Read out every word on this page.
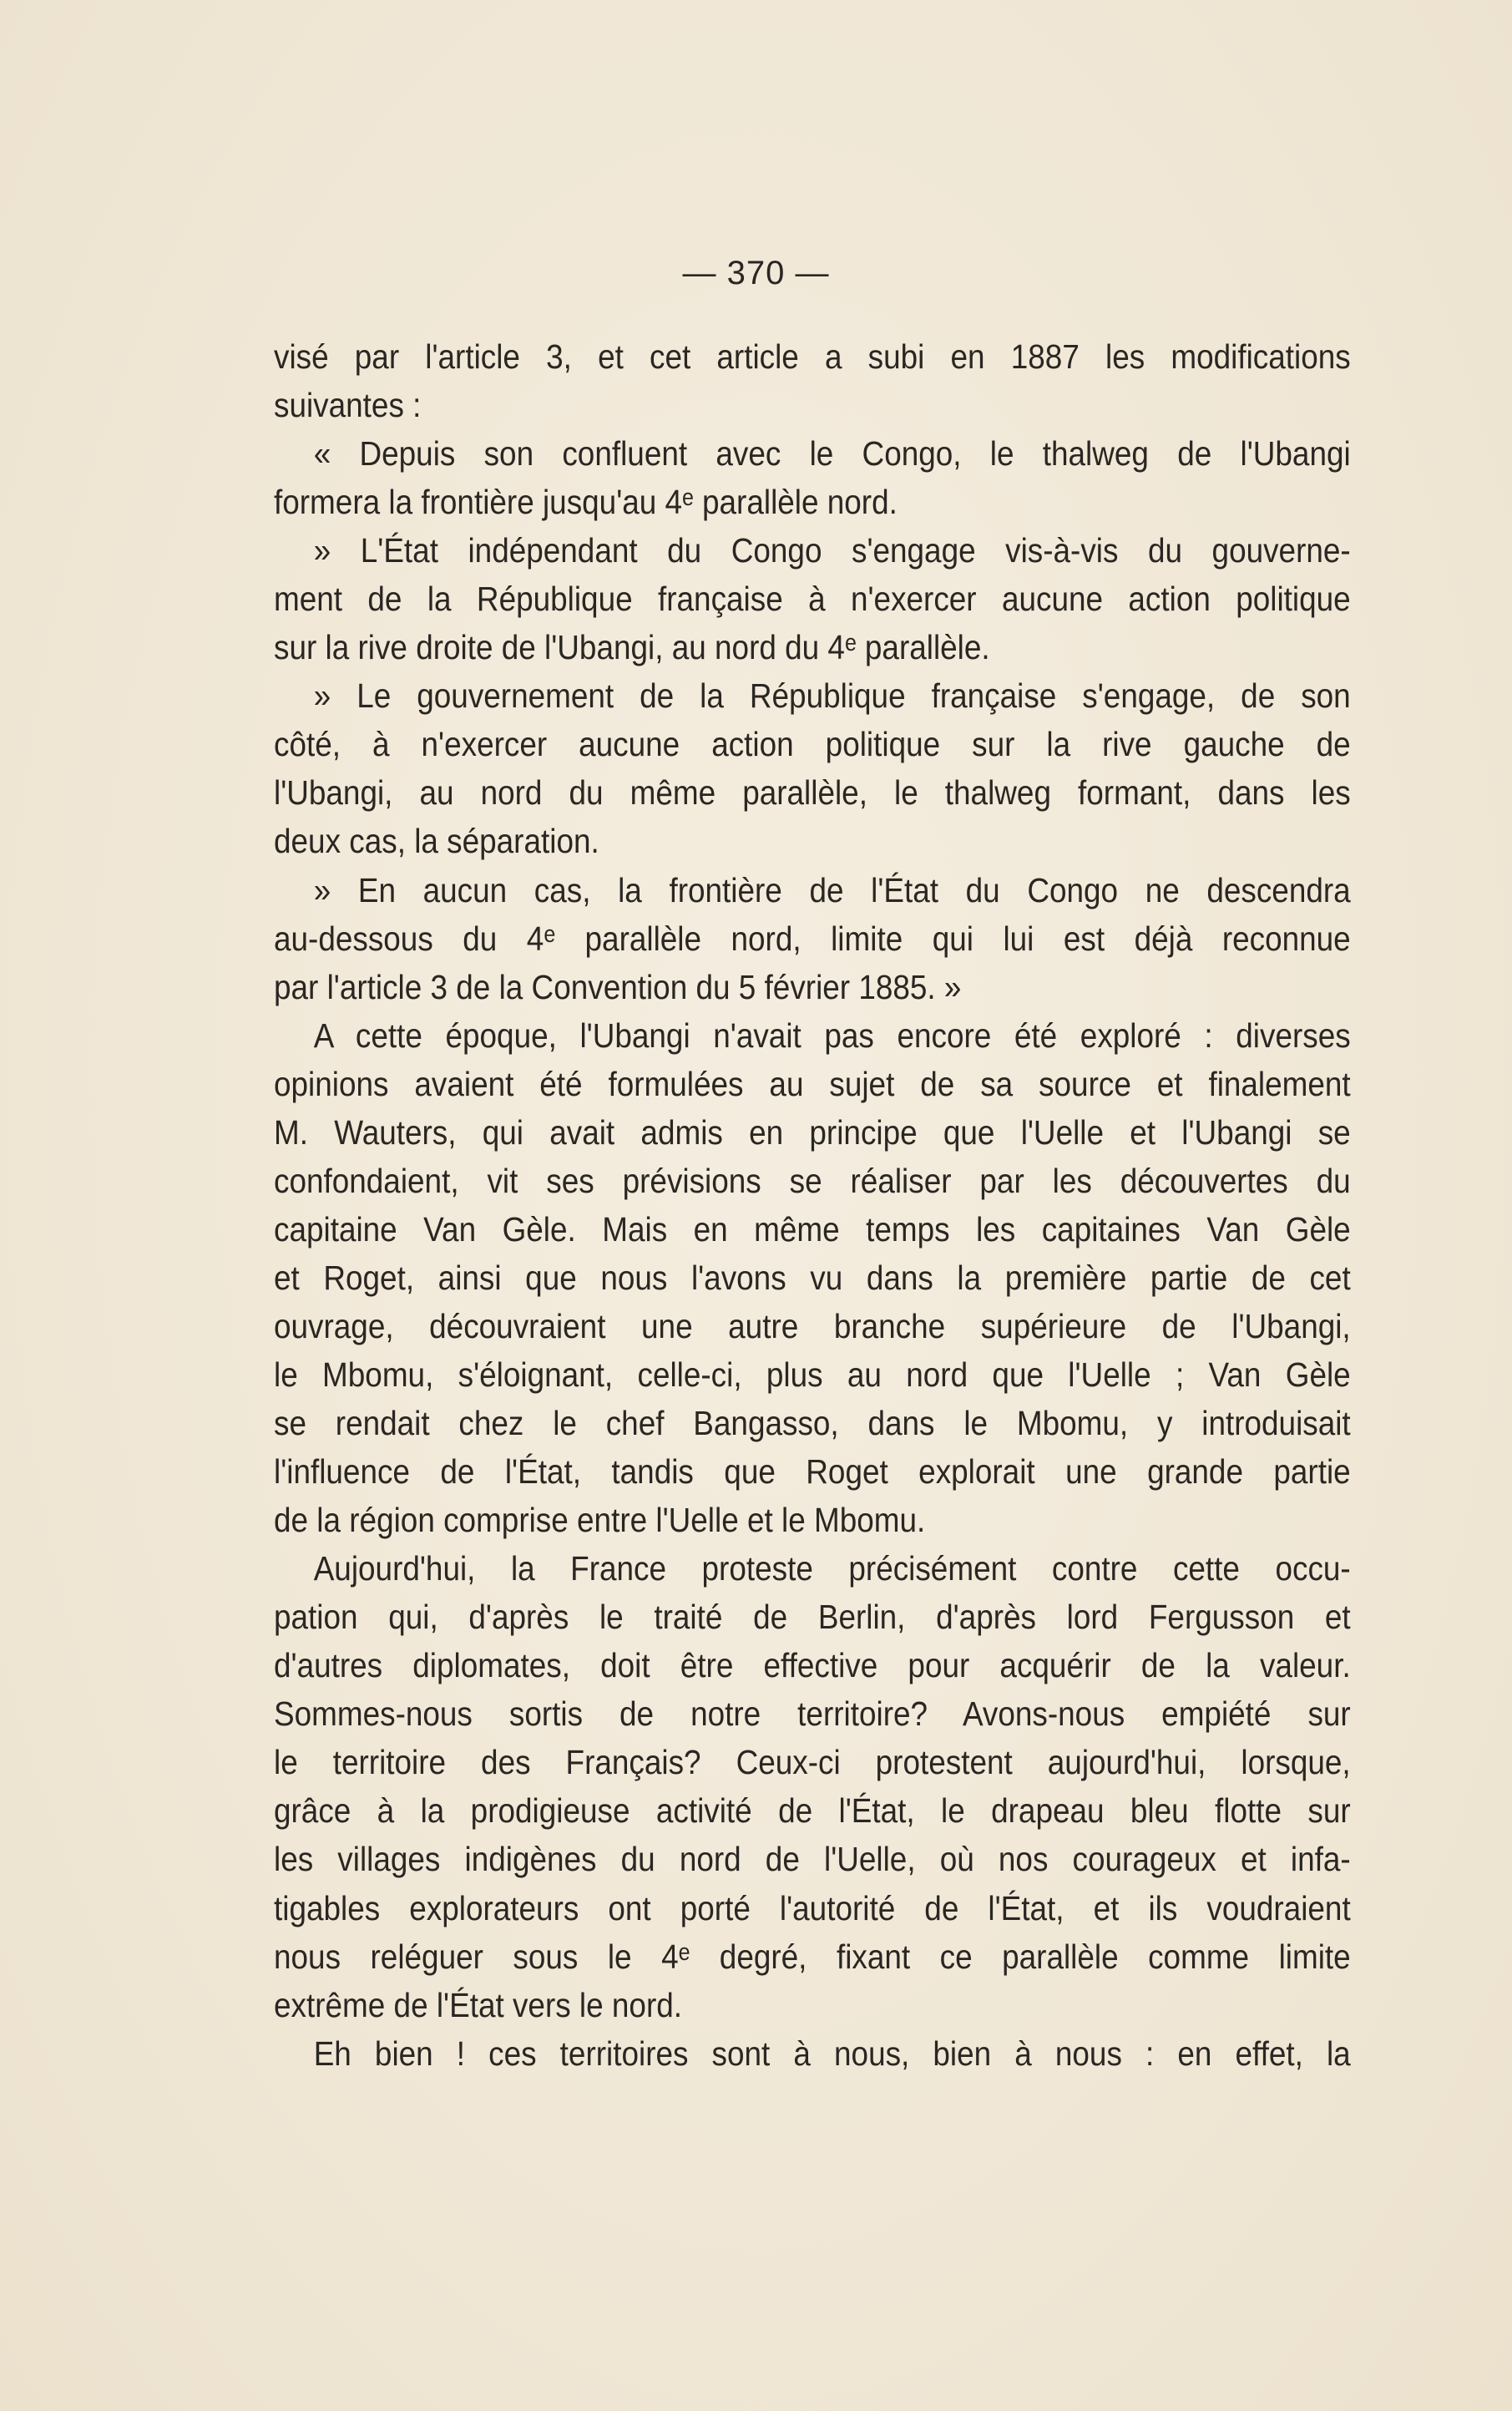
— 370 —
visé par l'article 3, et cet article a subi en 1887 les modifications
suivantes :
« Depuis son confluent avec le Congo, le thalweg de l'Ubangi
formera la frontière jusqu'au 4ᵉ parallèle nord.
» L'État indépendant du Congo s'engage vis-à-vis du gouverne-
ment de la République française à n'exercer aucune action politique
sur la rive droite de l'Ubangi, au nord du 4ᵉ parallèle.
» Le gouvernement de la République française s'engage, de son
côté, à n'exercer aucune action politique sur la rive gauche de
l'Ubangi, au nord du même parallèle, le thalweg formant, dans les
deux cas, la séparation.
» En aucun cas, la frontière de l'État du Congo ne descendra
au-dessous du 4ᵉ parallèle nord, limite qui lui est déjà reconnue
par l'article 3 de la Convention du 5 février 1885. »
A cette époque, l'Ubangi n'avait pas encore été exploré : diverses
opinions avaient été formulées au sujet de sa source et finalement
M. Wauters, qui avait admis en principe que l'Uelle et l'Ubangi se
confondaient, vit ses prévisions se réaliser par les découvertes du
capitaine Van Gèle. Mais en même temps les capitaines Van Gèle
et Roget, ainsi que nous l'avons vu dans la première partie de cet
ouvrage, découvraient une autre branche supérieure de l'Ubangi,
le Mbomu, s'éloignant, celle-ci, plus au nord que l'Uelle ; Van Gèle
se rendait chez le chef Bangasso, dans le Mbomu, y introduisait
l'influence de l'État, tandis que Roget explorait une grande partie
de la région comprise entre l'Uelle et le Mbomu.
Aujourd'hui, la France proteste précisément contre cette occu-
pation qui, d'après le traité de Berlin, d'après lord Fergusson et
d'autres diplomates, doit être effective pour acquérir de la valeur.
Sommes-nous sortis de notre territoire? Avons-nous empiété sur
le territoire des Français? Ceux-ci protestent aujourd'hui, lorsque,
grâce à la prodigieuse activité de l'État, le drapeau bleu flotte sur
les villages indigènes du nord de l'Uelle, où nos courageux et infa-
tigables explorateurs ont porté l'autorité de l'État, et ils voudraient
nous reléguer sous le 4ᵉ degré, fixant ce parallèle comme limite
extrême de l'État vers le nord.
Eh bien ! ces territoires sont à nous, bien à nous : en effet, la
